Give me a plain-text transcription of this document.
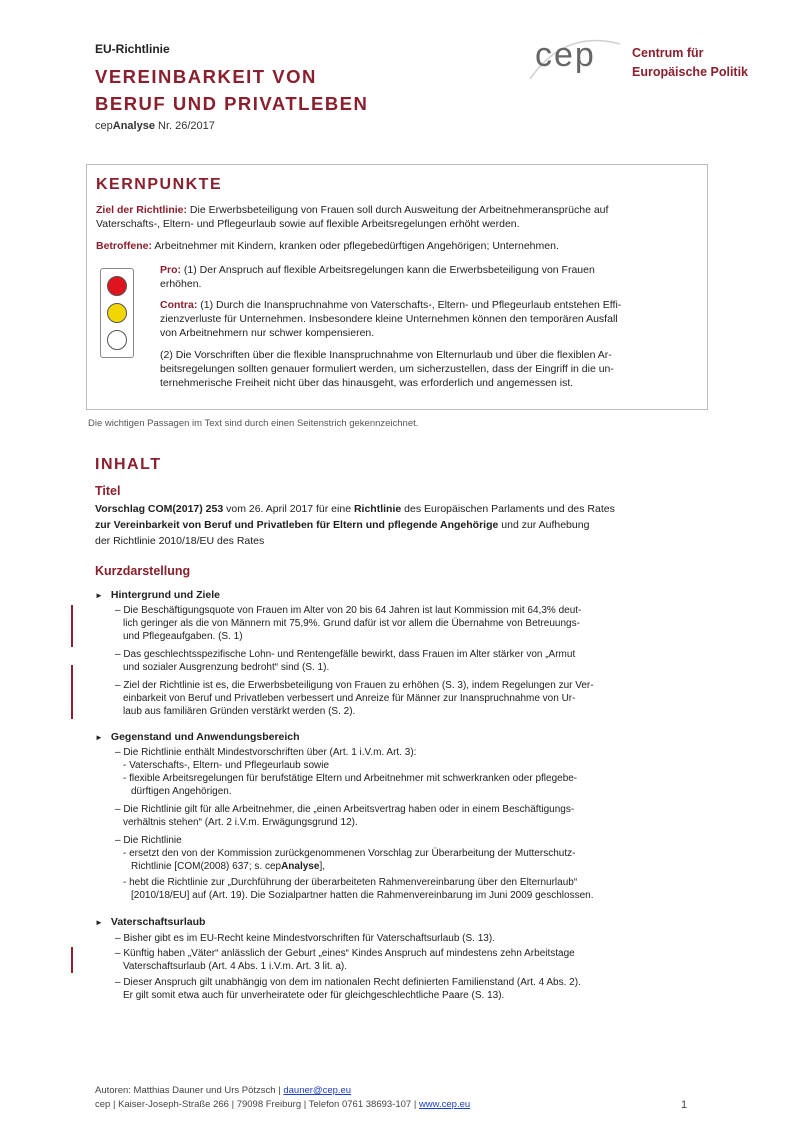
EU-Richtlinie
VEREINBARKEIT VON
BERUF UND PRIVATLEBEN
cepAnalyse Nr. 26/2017
cep	Centrum für
Europäische Politik
KERNPUNKTE
Ziel der Richtlinie: Die Erwerbsbeteiligung von Frauen soll durch Ausweitung der Arbeitnehmeransprüche auf
Vaterschafts-, Eltern- und Pflegeurlaub sowie auf flexible Arbeitsregelungen erhöht werden.
Betroffene: Arbeitnehmer mit Kindern, kranken oder pflegebedürftigen Angehörigen; Unternehmen.
Pro: (1) Der Anspruch auf flexible Arbeitsregelungen kann die Erwerbsbeteiligung von Frauen
erhöhen.
Contra: (1) Durch die Inanspruchnahme von Vaterschafts-, Eltern- und Pflegeurlaub entstehen Effi-
zienzverluste für Unternehmen. Insbesondere kleine Unternehmen können den temporären Ausfall
von Arbeitnehmern nur schwer kompensieren.
(2) Die Vorschriften über die flexible Inanspruchnahme von Elternurlaub und über die flexiblen Ar-
beitsregelungen sollten genauer formuliert werden, um sicherzustellen, dass der Eingriff in die un-
ternehmerische Freiheit nicht über das hinausgeht, was erforderlich und angemessen ist.
Die wichtigen Passagen im Text sind durch einen Seitenstrich gekennzeichnet.
INHALT
Titel
Vorschlag COM(2017) 253 vom 26. April 2017 für eine Richtlinie des Europäischen Parlaments und des Rates
zur Vereinbarkeit von Beruf und Privatleben für Eltern und pflegende Angehörige und zur Aufhebung
der Richtlinie 2010/18/EU des Rates
Kurzdarstellung
► Hintergrund und Ziele
– Die Beschäftigungsquote von Frauen im Alter von 20 bis 64 Jahren ist laut Kommission mit 64,3% deut-
lich geringer als die von Männern mit 75,9%. Grund dafür ist vor allem die Übernahme von Betreuungs-
und Pflegeaufgaben. (S. 1)
– Das geschlechtsspezifische Lohn- und Rentengefälle bewirkt, dass Frauen im Alter stärker von „Armut
und sozialer Ausgrenzung bedroht“ sind (S. 1).
– Ziel der Richtlinie ist es, die Erwerbsbeteiligung von Frauen zu erhöhen (S. 3), indem Regelungen zur Ver-
einbarkeit von Beruf und Privatleben verbessert und Anreize für Männer zur Inanspruchnahme von Ur-
laub aus familiären Gründen verstärkt werden (S. 2).
► Gegenstand und Anwendungsbereich
– Die Richtlinie enthält Mindestvorschriften über (Art. 1 i.V.m. Art. 3):
- Vaterschafts-, Eltern- und Pflegeurlaub sowie
- flexible Arbeitsregelungen für berufstätige Eltern und Arbeitnehmer mit schwerkranken oder pflegebe-
dürftigen Angehörigen.
– Die Richtlinie gilt für alle Arbeitnehmer, die „einen Arbeitsvertrag haben oder in einem Beschäftigungs-
verhältnis stehen“ (Art. 2 i.V.m. Erwägungsgrund 12).
– Die Richtlinie
- ersetzt den von der Kommission zurückgenommenen Vorschlag zur Überarbeitung der Mutterschutz-
Richtlinie [COM(2008) 637; s. cepAnalyse],
- hebt die Richtlinie zur „Durchführung der überarbeiteten Rahmenvereinbarung über den Elternurlaub“
[2010/18/EU] auf (Art. 19). Die Sozialpartner hatten die Rahmenvereinbarung im Juni 2009 geschlossen.
► Vaterschaftsurlaub
– Bisher gibt es im EU-Recht keine Mindestvorschriften für Vaterschaftsurlaub (S. 13).
– Künftig haben „Väter“ anlässlich der Geburt „eines“ Kindes Anspruch auf mindestens zehn Arbeitstage
Vaterschaftsurlaub (Art. 4 Abs. 1 i.V.m. Art. 3 lit. a).
– Dieser Anspruch gilt unabhängig von dem im nationalen Recht definierten Familienstand (Art. 4 Abs. 2).
Er gilt somit etwa auch für unverheiratete oder für gleichgeschlechtliche Paare (S. 13).
Autoren: Matthias Dauner und Urs Pötzsch | dauner@cep.eu
cep | Kaiser-Joseph-Straße 266 | 79098 Freiburg | Telefon 0761 38693-107 | www.cep.eu	1
